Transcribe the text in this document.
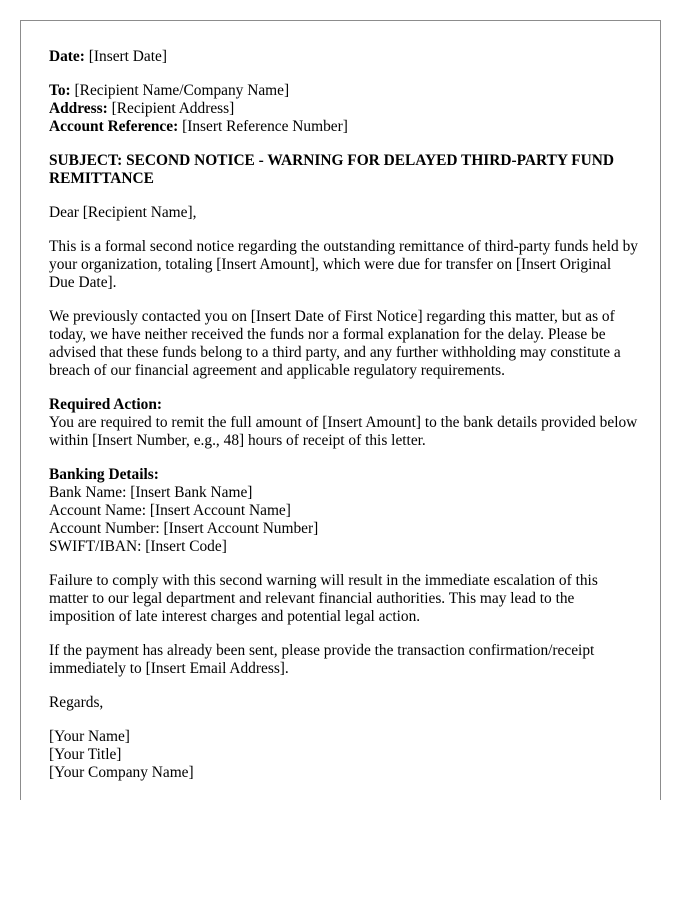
Date: [Insert Date]

To: [Recipient Name/Company Name]
Address: [Recipient Address]
Account Reference: [Insert Reference Number]

SUBJECT: SECOND NOTICE - WARNING FOR DELAYED THIRD-PARTY FUND REMITTANCE

Dear [Recipient Name],

This is a formal second notice regarding the outstanding remittance of third-party funds held by your organization, totaling [Insert Amount], which were due for transfer on [Insert Original Due Date].

We previously contacted you on [Insert Date of First Notice] regarding this matter, but as of today, we have neither received the funds nor a formal explanation for the delay. Please be advised that these funds belong to a third party, and any further withholding may constitute a breach of our financial agreement and applicable regulatory requirements.

Required Action:
You are required to remit the full amount of [Insert Amount] to the bank details provided below within [Insert Number, e.g., 48] hours of receipt of this letter.

Banking Details:
Bank Name: [Insert Bank Name]
Account Name: [Insert Account Name]
Account Number: [Insert Account Number]
SWIFT/IBAN: [Insert Code]

Failure to comply with this second warning will result in the immediate escalation of this matter to our legal department and relevant financial authorities. This may lead to the imposition of late interest charges and potential legal action.

If the payment has already been sent, please provide the transaction confirmation/receipt immediately to [Insert Email Address].

Regards,

[Your Name]
[Your Title]
[Your Company Name]
